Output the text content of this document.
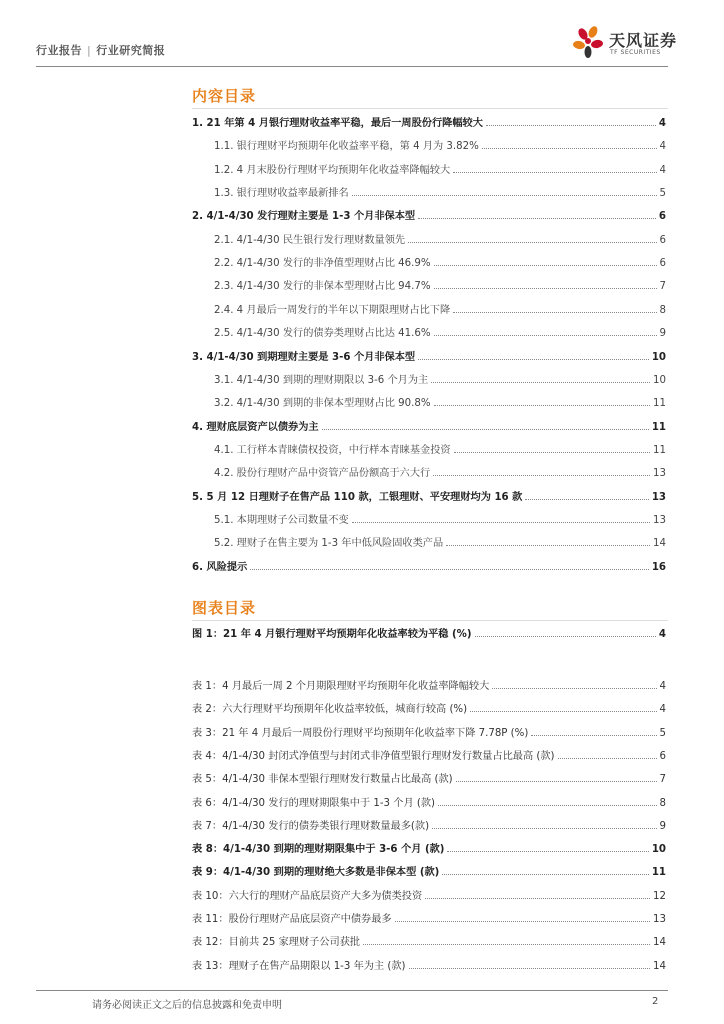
行业报告 | 行业研究简报
天风证券
TF SECURITIES
内容目录
1. 21 年第 4 月银行理财收益率平稳，最后一周股份行降幅较大	4
1.1. 银行理财平均预期年化收益率平稳，第 4 月为 3.82%	4
1.2. 4 月末股份行理财平均预期年化收益率降幅较大	4
1.3. 银行理财收益率最新排名	5
2. 4/1-4/30 发行理财主要是 1-3 个月非保本型	6
2.1. 4/1-4/30 民生银行发行理财数量领先	6
2.2. 4/1-4/30 发行的非净值型理财占比 46.9%	6
2.3. 4/1-4/30 发行的非保本型理财占比 94.7%	7
2.4. 4 月最后一周发行的半年以下期限理财占比下降	8
2.5. 4/1-4/30 发行的债券类理财占比达 41.6%	9
3. 4/1-4/30 到期理财主要是 3-6 个月非保本型	10
3.1. 4/1-4/30 到期的理财期限以 3-6 个月为主	10
3.2. 4/1-4/30 到期的非保本型理财占比 90.8%	11
4. 理财底层资产以债券为主	11
4.1. 工行样本青睐债权投资，中行样本青睐基金投资	11
4.2. 股份行理财产品中资管产品份额高于六大行	13
5. 5 月 12 日理财子在售产品 110 款，工银理财、平安理财均为 16 款	13
5.1. 本期理财子公司数量不变	13
5.2. 理财子在售主要为 1-3 年中低风险固收类产品	14
6. 风险提示	16
图表目录
图 1：21 年 4 月银行理财平均预期年化收益率较为平稳 (%)	4
表 1：4 月最后一周 2 个月期限理财平均预期年化收益率降幅较大	4
表 2：六大行理财平均预期年化收益率较低，城商行较高 (%)	4
表 3：21 年 4 月最后一周股份行理财平均预期年化收益率下降 7.78P (%)	5
表 4：4/1-4/30 封闭式净值型与封闭式非净值型银行理财发行数量占比最高 (款)	6
表 5：4/1-4/30 非保本型银行理财发行数量占比最高 (款)	7
表 6：4/1-4/30 发行的理财期限集中于 1-3 个月 (款)	8
表 7：4/1-4/30 发行的债券类银行理财数量最多(款)	9
表 8：4/1-4/30 到期的理财期限集中于 3-6 个月 (款)	10
表 9：4/1-4/30 到期的理财绝大多数是非保本型 (款)	11
表 10：六大行的理财产品底层资产大多为债类投资	12
表 11：股份行理财产品底层资产中债券最多	13
表 12：目前共 25 家理财子公司获批	14
表 13：理财子在售产品期限以 1-3 年为主 (款)	14
请务必阅读正文之后的信息披露和免责申明	2
